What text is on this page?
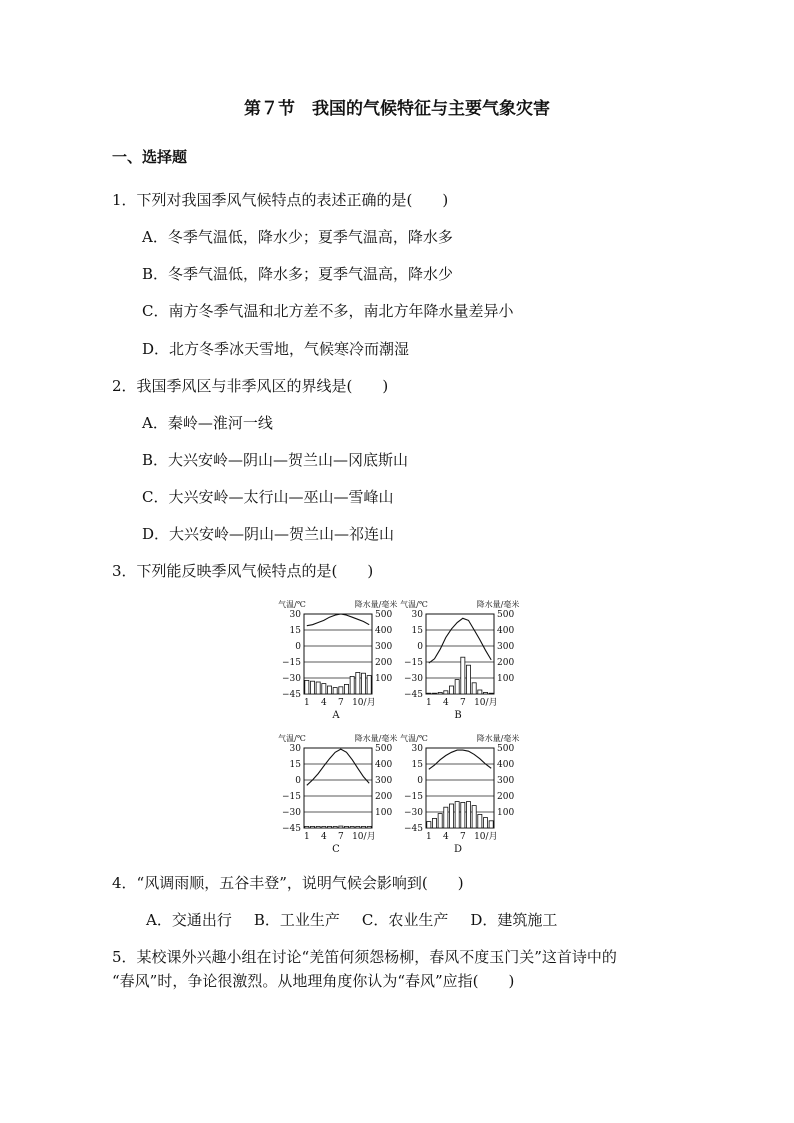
第７节　我国的气候特征与主要气象灾害
一、选择题
1．下列对我国季风气候特点的表述正确的是(　　)
A．冬季气温低，降水少；夏季气温高，降水多
B．冬季气温低，降水多；夏季气温高，降水少
C．南方冬季气温和北方差不多，南北方年降水量差异小
D．北方冬季冰天雪地，气候寒冷而潮湿
2．我国季风区与非季风区的界线是(　　)
A．秦岭—淮河一线
B．大兴安岭—阴山—贺兰山—冈底斯山
C．大兴安岭—太行山—巫山—雪峰山
D．大兴安岭—阴山—贺兰山—祁连山
3．下列能反映季风气候特点的是(　　)
气温/℃	降水量/毫米
30
15
0
−15
−30
−45
500
400
300
200
100
1 4 7 10/月
A
气温/℃	降水量/毫米
30
15
0
−15
−30
−45
500
400
300
200
100
1 4 7 10/月
B
气温/℃	降水量/毫米
30
15
0
−15
−30
−45
500
400
300
200
100
1 4 7 10/月
C
气温/℃	降水量/毫米
30
15
0
−15
−30
−45
500
400
300
200
100
1 4 7 10/月
D
4．“风调雨顺，五谷丰登”，说明气候会影响到(　　)
A．交通出行 B．工业生产 C．农业生产 D．建筑施工
5．某校课外兴趣小组在讨论“羌笛何须怨杨柳，春风不度玉门关”这首诗中的
“春风”时，争论很激烈。从地理角度你认为“春风”应指(　　)
